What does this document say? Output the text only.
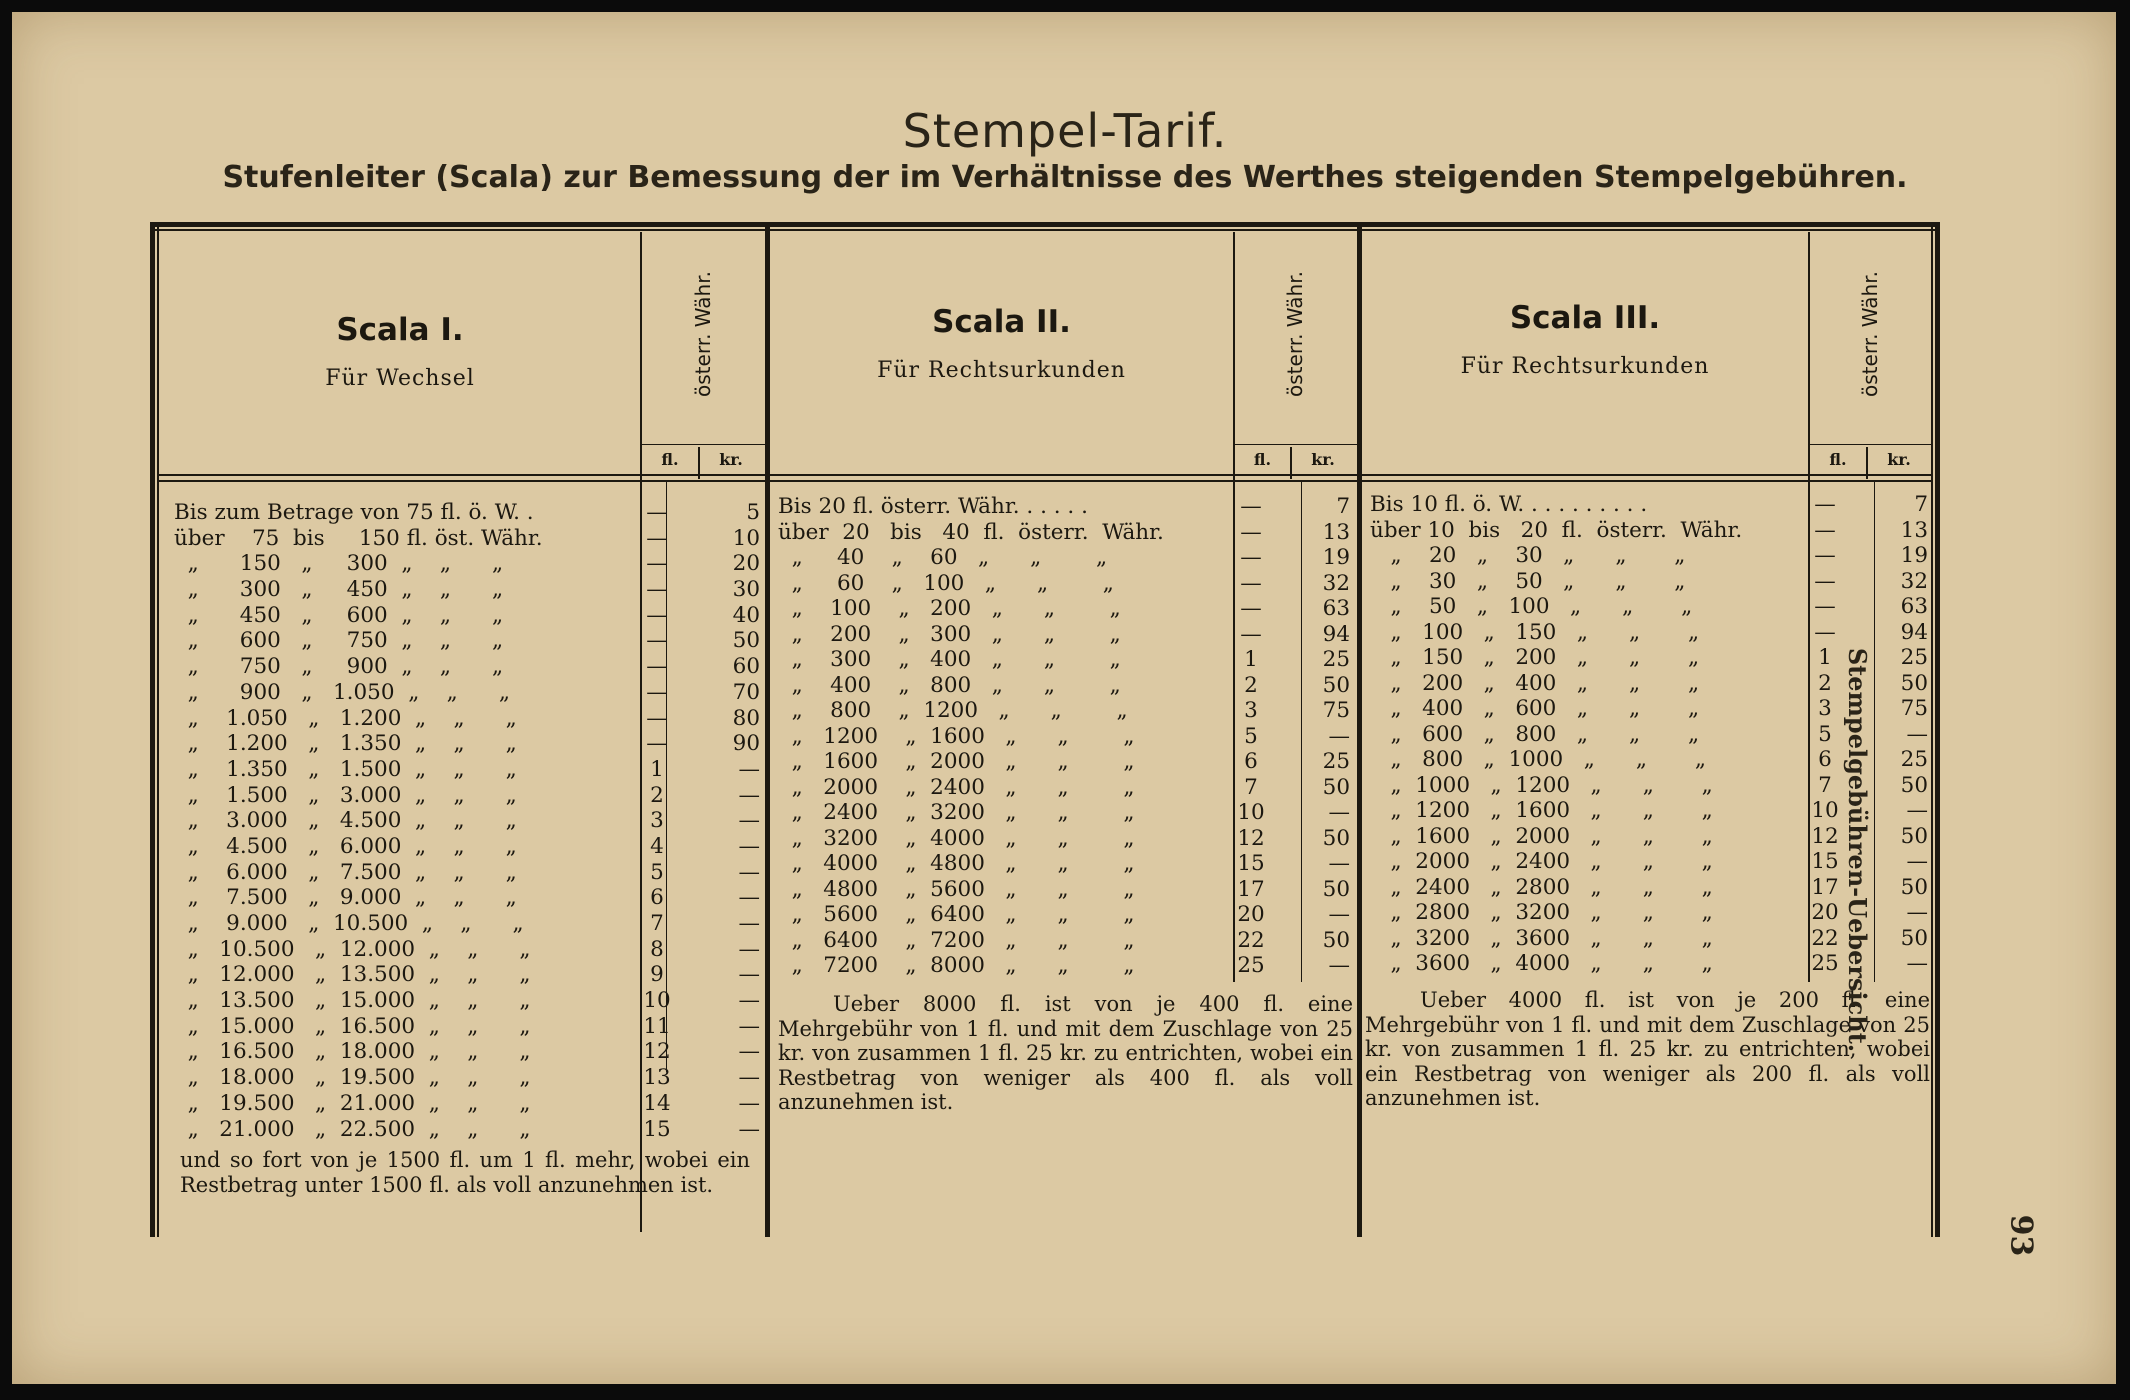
Stempel-Tarif.
Stufenleiter (Scala) zur Bemessung der im Verhältnisse des Werthes steigenden Stempelgebühren.
Scala I.
Für Wechsel	österr. Währ.
fl.	kr.
Scala II.
Für Rechtsurkunden	österr. Währ.
fl.	kr.
Scala III.
Für Rechtsurkunden	österr. Währ.
fl.	kr.
Bis zum Betrage von 75 fl. ö. W. .	—	5
über    75  bis     150 fl. öst. Währ.	—	10
„      150   „     300  „    „      „	—	20
„      300   „     450  „    „      „	—	30
„      450   „     600  „    „      „	—	40
„      600   „     750  „    „      „	—	50
„      750   „     900  „    „      „	—	60
„      900   „   1.050  „    „      „	—	70
„    1.050   „   1.200  „    „      „	—	80
„    1.200   „   1.350  „    „      „	—	90
„    1.350   „   1.500  „    „      „	1	—
„    1.500   „   3.000  „    „      „	2	—
„    3.000   „   4.500  „    „      „	3	—
„    4.500   „   6.000  „    „      „	4	—
„    6.000   „   7.500  „    „      „	5	—
„    7.500   „   9.000  „    „      „	6	—
„    9.000   „  10.500  „    „      „	7	—
„   10.500   „  12.000  „    „      „	8	—
„   12.000   „  13.500  „    „      „	9	—
„   13.500   „  15.000  „    „      „	10	—
„   15.000   „  16.500  „    „      „	11	—
„   16.500   „  18.000  „    „      „	12	—
„   18.000   „  19.500  „    „      „	13	—
„   19.500   „  21.000  „    „      „	14	—
„   21.000   „  22.500  „    „      „	15	—
Bis 20 fl. österr. Währ. . . . . .	—	7
über  20   bis   40  fl.  österr.  Währ.	—	13
„     40    „    60   „      „        „	—	19
„     60    „   100   „      „        „	—	32
„    100    „   200   „      „        „	—	63
„    200    „   300   „      „        „	—	94
„    300    „   400   „      „        „	1	25
„    400    „   800   „      „        „	2	50
„    800    „  1200   „      „        „	3	75
„   1200    „  1600   „      „        „	5	—
„   1600    „  2000   „      „        „	6	25
„   2000    „  2400   „      „        „	7	50
„   2400    „  3200   „      „        „	10	—
„   3200    „  4000   „      „        „	12	50
„   4000    „  4800   „      „        „	15	—
„   4800    „  5600   „      „        „	17	50
„   5600    „  6400   „      „        „	20	—
„   6400    „  7200   „      „        „	22	50
„   7200    „  8000   „      „        „	25	—
Bis 10 fl. ö. W. . . . . . . . . .	—	7
über 10  bis   20  fl.  österr.  Währ.	—	13
„    20   „    30   „      „       „	—	19
„    30   „    50   „      „       „	—	32
„    50   „   100   „      „       „	—	63
„   100   „   150   „      „       „	—	94
„   150   „   200   „      „       „	1	25
„   200   „   400   „      „       „	2	50
„   400   „   600   „      „       „	3	75
„   600   „   800   „      „       „	5	—
„   800   „  1000   „      „       „	6	25
„  1000   „  1200   „      „       „	7	50
„  1200   „  1600   „      „       „	10	—
„  1600   „  2000   „      „       „	12	50
„  2000   „  2400   „      „       „	15	—
„  2400   „  2800   „      „       „	17	50
„  2800   „  3200   „      „       „	20	—
„  3200   „  3600   „      „       „	22	50
„  3600   „  4000   „      „       „	25	—
und so fort von je 1500 fl. um 1 fl. mehr, wobei ein Restbetrag unter 1500 fl. als voll anzunehmen ist.
Ueber 8000 fl. ist von je 400 fl. eine Mehrgebühr von 1 fl. und mit dem Zuschlage von 25 kr. von zusammen 1 fl. 25 kr. zu entrichten, wobei ein Restbetrag von weniger als 400 fl. als voll anzunehmen ist.
Ueber 4000 fl. ist von je 200 fl. eine Mehrgebühr von 1 fl. und mit dem Zuschlage von 25 kr. von zusammen 1 fl. 25 kr. zu entrichten, wobei ein Restbetrag von weniger als 200 fl. als voll anzunehmen ist.
Stempelgebühren-Uebersicht.
93
